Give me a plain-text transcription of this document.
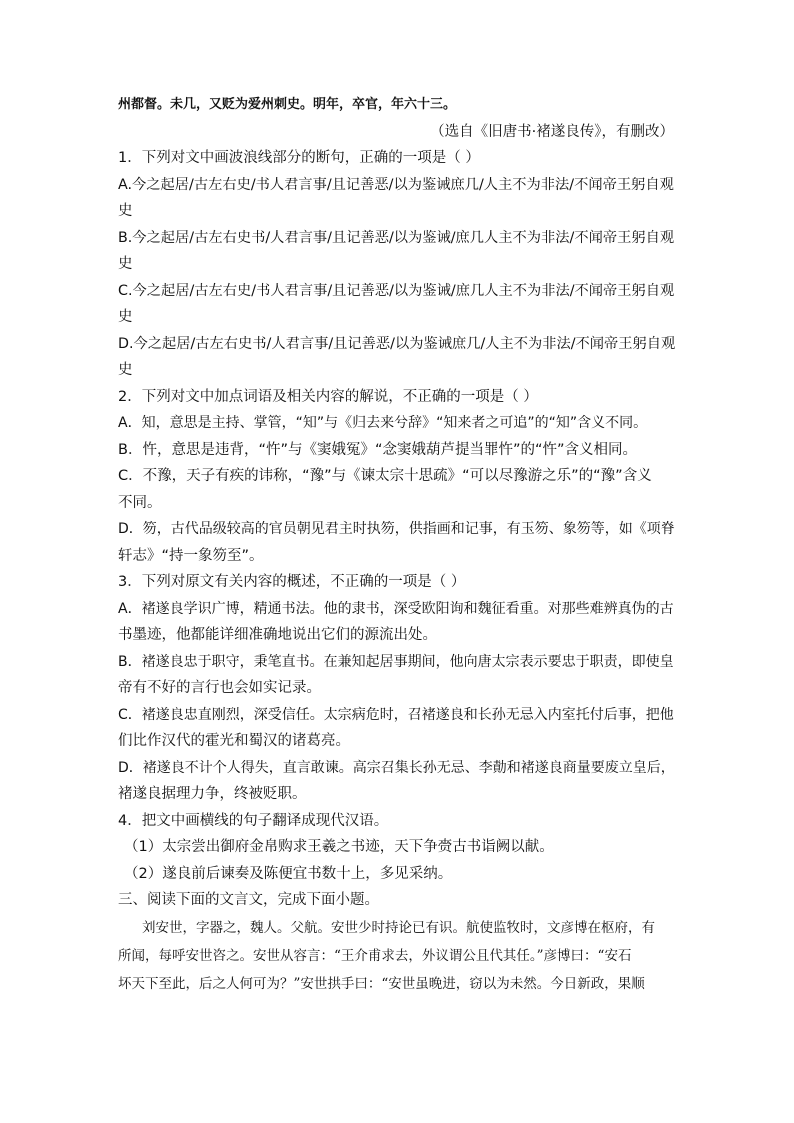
州都督。未几，又贬为爱州刺史。明年，卒官，年六十三。
（选自《旧唐书·褚遂良传》，有删改）
1．下列对文中画波浪线部分的断句，正确的一项是（ ）
A.今之起居/古左右史/书人君言事/且记善恶/以为鉴诫庶几/人主不为非法/不闻帝王躬自观
史
B.今之起居/古左右史书/人君言事/且记善恶/以为鉴诫/庶几人主不为非法/不闻帝王躬自观
史
C.今之起居/古左右史/书人君言事/且记善恶/以为鉴诫/庶几人主不为非法/不闻帝王躬自观
史
D.今之起居/古左右史书/人君言事/且记善恶/以为鉴诫庶几/人主不为非法/不闻帝王躬自观
史
2．下列对文中加点词语及相关内容的解说，不正确的一项是（ ）
A．知，意思是主持、掌管，“知”与《归去来兮辞》“知来者之可追”的“知”含义不同。
B．忤，意思是违背，“忤”与《窦娥冤》“念窦娥葫芦提当罪忤”的“忤”含义相同。
C．不豫，天子有疾的讳称，“豫”与《谏太宗十思疏》“可以尽豫游之乐”的“豫”含义
不同。
D．笏，古代品级较高的官员朝见君主时执笏，供指画和记事，有玉笏、象笏等，如《项脊
轩志》“持一象笏至”。
3．下列对原文有关内容的概述，不正确的一项是（ ）
A．褚遂良学识广博，精通书法。他的隶书，深受欧阳询和魏征看重。对那些难辨真伪的古
书墨迹，他都能详细准确地说出它们的源流出处。
B．褚遂良忠于职守，秉笔直书。在兼知起居事期间，他向唐太宗表示要忠于职责，即使皇
帝有不好的言行也会如实记录。
C．褚遂良忠直刚烈，深受信任。太宗病危时，召褚遂良和长孙无忌入内室托付后事，把他
们比作汉代的霍光和蜀汉的诸葛亮。
D．褚遂良不计个人得失，直言敢谏。高宗召集长孙无忌、李勣和褚遂良商量要废立皇后，
褚遂良据理力争，终被贬职。
4．把文中画横线的句子翻译成现代汉语。
（1）太宗尝出御府金帛购求王羲之书迹，天下争赍古书诣阙以献。
（2）遂良前后谏奏及陈便宜书数十上，多见采纳。
三、阅读下面的文言文，完成下面小题。
刘安世，字器之，魏人。父航。安世少时持论已有识。航使监牧时，文彦博在枢府，有
所闻，每呼安世咨之。安世从容言：“王介甫求去，外议谓公且代其任。”彦博曰：“安石
坏天下至此，后之人何可为？”安世拱手曰：“安世虽晚进，窃以为未然。今日新政，果顺
